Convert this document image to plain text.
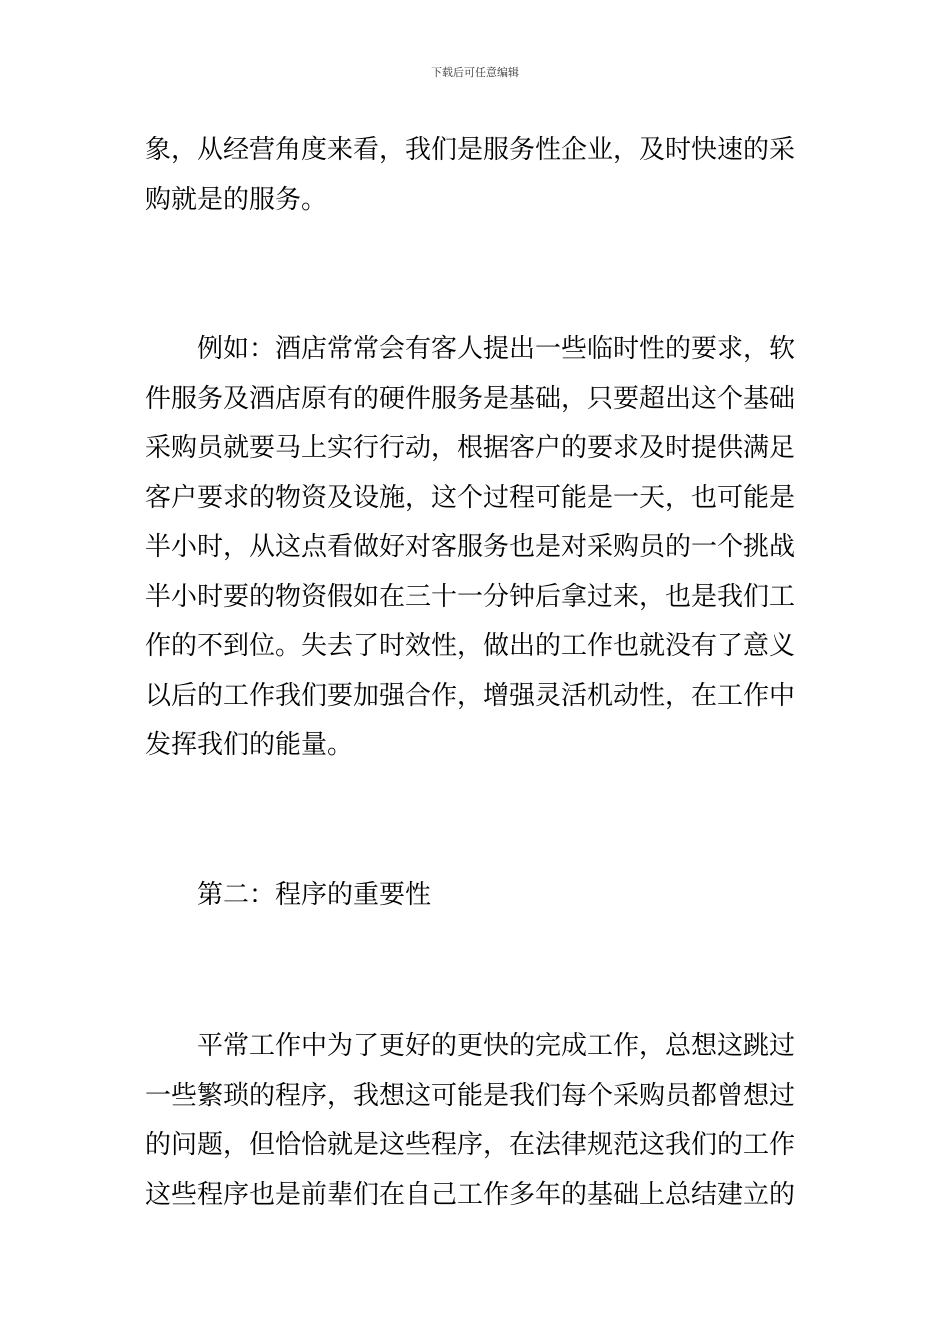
下载后可任意编辑
象，从经营角度来看，我们是服务性企业，及时快速的采
购就是的服务。
例如：酒店常常会有客人提出一些临时性的要求，软
件服务及酒店原有的硬件服务是基础，只要超出这个基础
采购员就要马上实行行动，根据客户的要求及时提供满足
客户要求的物资及设施，这个过程可能是一天，也可能是
半小时，从这点看做好对客服务也是对采购员的一个挑战
半小时要的物资假如在三十一分钟后拿过来，也是我们工
作的不到位。失去了时效性，做出的工作也就没有了意义
以后的工作我们要加强合作，增强灵活机动性，在工作中
发挥我们的能量。
第二：程序的重要性
平常工作中为了更好的更快的完成工作，总想这跳过
一些繁琐的程序，我想这可能是我们每个采购员都曾想过
的问题，但恰恰就是这些程序，在法律规范这我们的工作
这些程序也是前辈们在自己工作多年的基础上总结建立的
